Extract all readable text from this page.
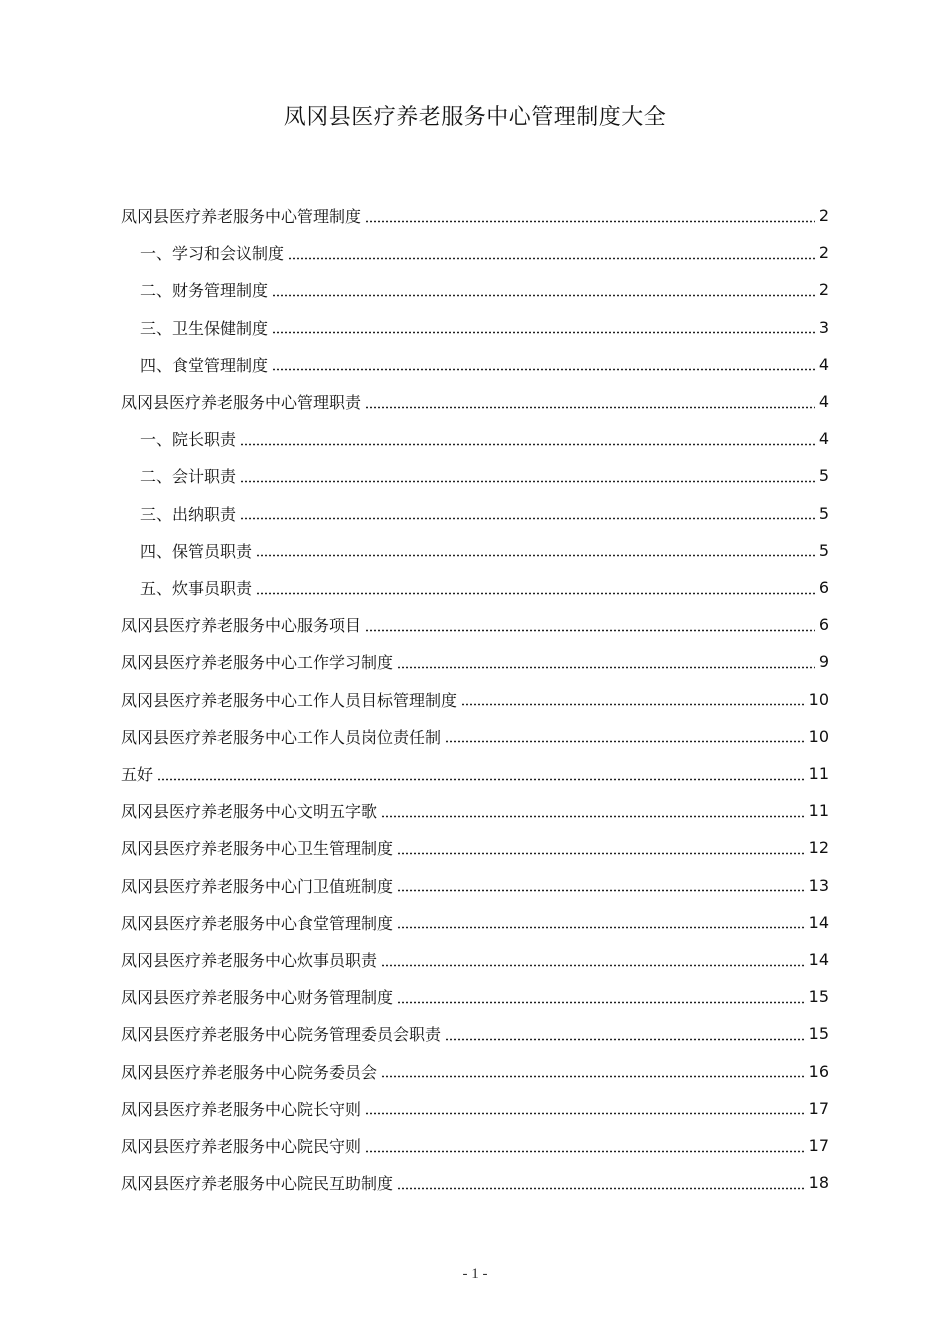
凤冈县医疗养老服务中心管理制度大全
凤冈县医疗养老服务中心管理制度	2
一、学习和会议制度	2
二、财务管理制度	2
三、卫生保健制度	3
四、食堂管理制度	4
凤冈县医疗养老服务中心管理职责	4
一、院长职责	4
二、会计职责	5
三、出纳职责	5
四、保管员职责	5
五、炊事员职责	6
凤冈县医疗养老服务中心服务项目	6
凤冈县医疗养老服务中心工作学习制度	9
凤冈县医疗养老服务中心工作人员目标管理制度	10
凤冈县医疗养老服务中心工作人员岗位责任制	10
五好	11
凤冈县医疗养老服务中心文明五字歌	11
凤冈县医疗养老服务中心卫生管理制度	12
凤冈县医疗养老服务中心门卫值班制度	13
凤冈县医疗养老服务中心食堂管理制度	14
凤冈县医疗养老服务中心炊事员职责	14
凤冈县医疗养老服务中心财务管理制度	15
凤冈县医疗养老服务中心院务管理委员会职责	15
凤冈县医疗养老服务中心院务委员会	16
凤冈县医疗养老服务中心院长守则	17
凤冈县医疗养老服务中心院民守则	17
凤冈县医疗养老服务中心院民互助制度	18
- 1 -
